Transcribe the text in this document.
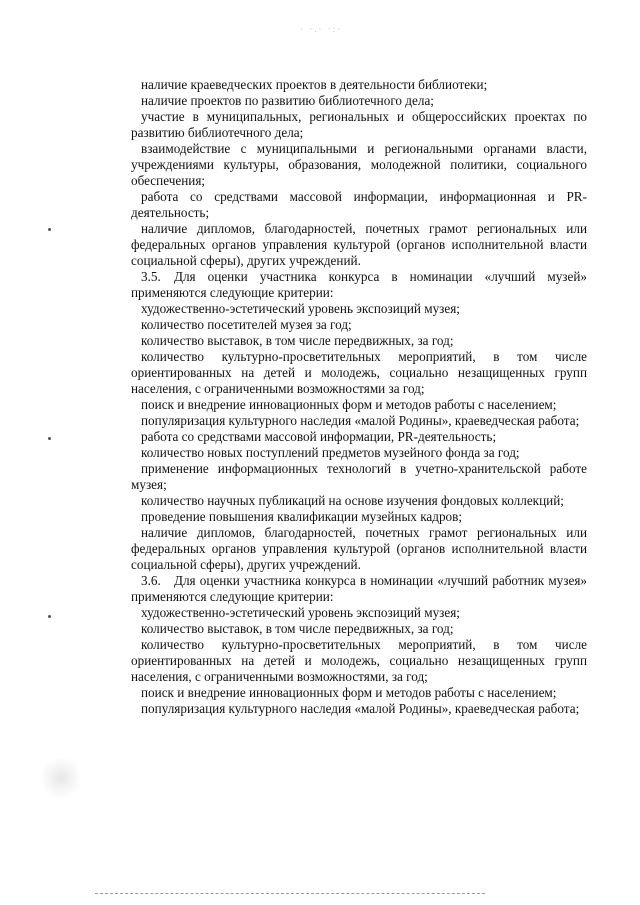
· ·.· ·:·

наличие краеведческих проектов в деятельности библиотеки;

наличие проектов по развитию библиотечного дела;

участие в муниципальных, региональных и общероссийских проектах по развитию библиотечного дела;

взаимодействие с муниципальными и региональными органами власти, учреждениями культуры, образования, молодежной политики, социального обеспечения;

работа со средствами массовой информации, информационная и PR-деятельность;

наличие дипломов, благодарностей, почетных грамот региональных или федеральных органов управления культурой (органов исполнительной власти социальной сферы), других учреждений.

3.5. Для оценки участника конкурса в номинации «лучший музей» применяются следующие критерии:

художественно-эстетический уровень экспозиций музея;

количество посетителей музея за год;

количество выставок, в том числе передвижных, за год;

количество культурно-просветительных мероприятий, в том числе ориентированных на детей и молодежь, социально незащищенных групп населения, с ограниченными возможностями за год;

поиск и внедрение инновационных форм и методов работы с населением;

популяризация культурного наследия «малой Родины», краеведческая работа;

работа со средствами массовой информации, PR-деятельность;

количество новых поступлений предметов музейного фонда за год;

применение информационных технологий в учетно-хранительской работе музея;

количество научных публикаций на основе изучения фондовых коллекций;

проведение повышения квалификации музейных кадров;

наличие дипломов, благодарностей, почетных грамот региональных или федеральных органов управления культурой (органов исполнительной власти социальной сферы), других учреждений.

3.6. Для оценки участника конкурса в номинации «лучший работник музея» применяются следующие критерии:

художественно-эстетический уровень экспозиций музея;

количество выставок, в том числе передвижных, за год;

количество культурно-просветительных мероприятий, в том числе ориентированных на детей и молодежь, социально незащищенных групп населения, с ограниченными возможностями, за год;

поиск и внедрение инновационных форм и методов работы с населением;

популяризация культурного наследия «малой Родины», краеведческая работа;
